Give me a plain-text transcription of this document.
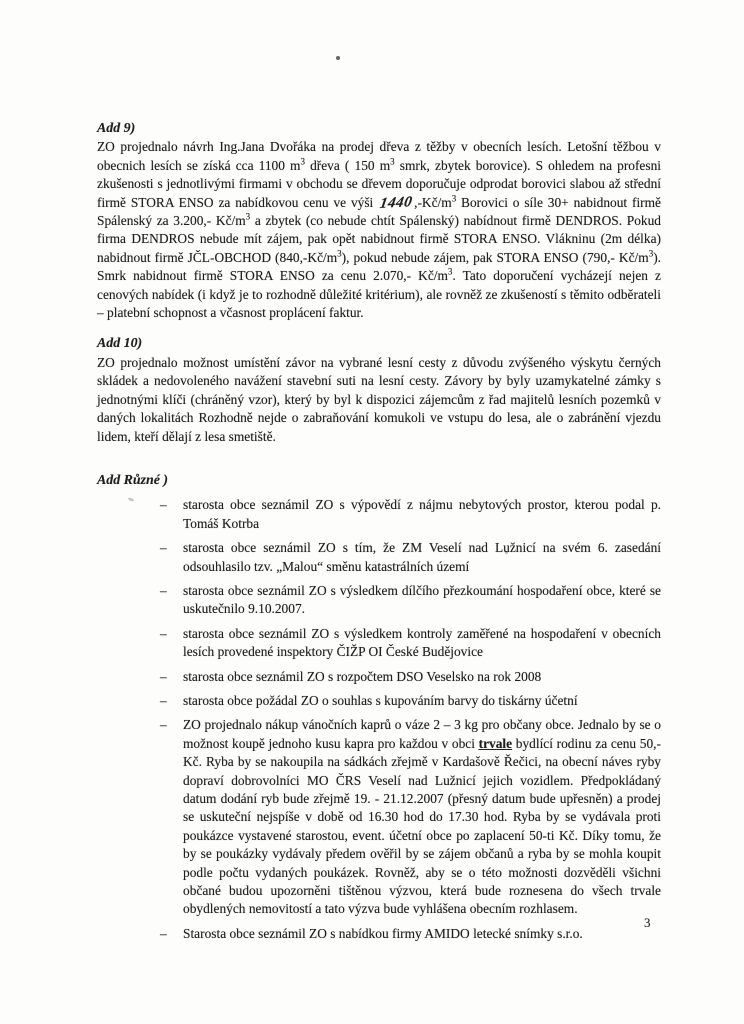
Add 9)

ZO projednalo návrh Ing.Jana Dvořáka na prodej dřeva z těžby v obecních lesích. Letošní těžbou v obecnich lesích se získá cca 1100 $m^3$ dřeva ( 150 $m^3$ smrk, zbytek borovice). S ohledem na profesni zkušenosti s jednotlivými firmami v obchodu se dřevem doporučuje odprodat borovici slabou až střední firmě STORA ENSO za nabídkovou cenu ve výši $1440,-Kč/m^3$ Borovici o síle 30+ nabidnout firmě Spálenský za 3.200,- $Kč/m^3$ a zbytek (co nebude chtít Spálenský) nabídnout firmě DENDROS. Pokud firma DENDROS nebude mít zájem, pak opět nabidnout firmě STORA ENSO. Vlákninu (2m délka) nabidnout firmě JČL-OBCHOD $(840,-Kč/m^3)$, pokud nebude zájem, pak STORA ENSO (790,- $Kč/m^3$). Smrk nabidnout firmě STORA ENSO za cenu 2.070,- $Kč/m^3$. Tato doporučení vycházejí nejen z cenových nabídek (i když je to rozhodně důležité kritérium), ale rovněž ze zkušeností s těmito odběrateli – platební schopnost a včasnost proplácení faktur.

Add 10)

ZO projednalo možnost umístění závor na vybrané lesní cesty z důvodu zvýšeného výskytu černých skládek a nedovoleného navážení stavební suti na lesní cesty. Závory by byly uzamykatelné zámky s jednotnými klíči (chráněný vzor), který by byl k dispozici zájemcům z řad majitelů lesních pozemků v daných lokalitách Rozhodně nejde o zabraňování komukoli ve vstupu do lesa, ale o zabránění vjezdu lidem, kteří dělají z lesa smetiště.

Add Různé )
– starosta obce seznámil ZO s výpovědí z nájmu nebytových prostor, kterou podal p. Tomáš Kotrba
– starosta obce seznámil ZO s tím, že ZM Veselí nad Lužnicí na svém 6. zasedání odsouhlasilo tzv. „Malou“ směnu katastrálních území
– starosta obce seznámil ZO s výsledkem dílčího přezkoumání hospodaření obce, které se uskutečnilo 9.10.2007.
– starosta obce seznámil ZO s výsledkem kontroly zaměřené na hospodaření v obecních lesích provedené inspektory ČIŽP OI České Budějovice
– starosta obce seznámil ZO s rozpočtem DSO Veselsko na rok 2008
– starosta obce požádal ZO o souhlas s kupováním barvy do tiskárny účetní
– ZO projednalo nákup vánočních kaprů o váze 2 – 3 kg pro občany obce. Jednalo by se o možnost koupě jednoho kusu kapra pro každou v obci trvale bydlící rodinu za cenu 50,-Kč. Ryba by se nakoupila na sádkách zřejmě v Kardašově Řečici, na obecní náves ryby dopraví dobrovolníci MO ČRS Veselí nad Lužnicí jejich vozidlem. Předpokládaný datum dodání ryb bude zřejmě 19. - 21.12.2007 (přesný datum bude upřesněn) a prodej se uskuteční nejspíše v době od 16.30 hod do 17.30 hod. Ryba by se vydávala proti poukázce vystavené starostou, event. účetní obce po zaplacení 50-ti Kč. Díky tomu, že by se poukázky vydávaly předem ověřil by se zájem občanů a ryba by se mohla koupit podle počtu vydaných poukázek. Rovněž, aby se o této možnosti dozvěděli všichni občané budou upozorněni tištěnou výzvou, která bude roznesena do všech trvale obydlených nemovitostí a tato výzva bude vyhlášena obecním rozhlasem.
– Starosta obce seznámil ZO s nabídkou firmy AMIDO letecké snímky s.r.o.
3
